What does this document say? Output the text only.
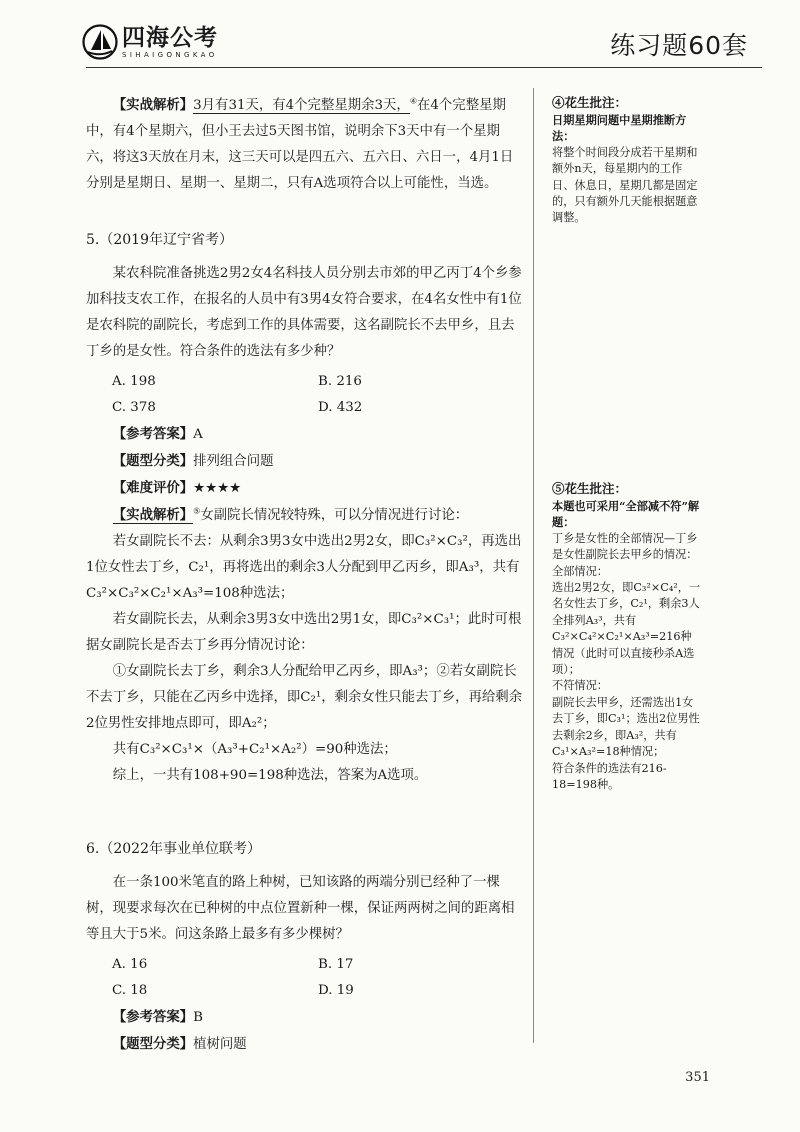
四海公考
SIHAIGONGKAO	练习题60套

【实战解析】3月有31天，有4个完整星期余3天，④在4个完整星期中，有4个星期六，但小王去过5天图书馆，说明余下3天中有一个星期六，将这3天放在月末，这三天可以是四五六、五六日、六日一，4月1日分别是星期日、星期一、星期二，只有A选项符合以上可能性，当选。

5.（2019年辽宁省考）

某农科院准备挑选2男2女4名科技人员分别去市郊的甲乙丙丁4个乡参加科技支农工作，在报名的人员中有3男4女符合要求，在4名女性中有1位是农科院的副院长，考虑到工作的具体需要，这名副院长不去甲乡，且去丁乡的是女性。符合条件的选法有多少种？

A. 198	B. 216
C. 378	D. 432

【参考答案】A

【题型分类】排列组合问题

【难度评价】★★★★

【实战解析】⑤女副院长情况较特殊，可以分情况进行讨论：

若女副院长不去：从剩余3男3女中选出2男2女，即C₃²×C₃²，再选出1位女性去丁乡，C₂¹，再将选出的剩余3人分配到甲乙丙乡，即A₃³，共有C₃²×C₃²×C₂¹×A₃³=108种选法；

若女副院长去，从剩余3男3女中选出2男1女，即C₃²×C₃¹；此时可根据女副院长是否去丁乡再分情况讨论：

①女副院长去丁乡，剩余3人分配给甲乙丙乡，即A₃³；②若女副院长不去丁乡，只能在乙丙乡中选择，即C₂¹，剩余女性只能去丁乡，再给剩余2位男性安排地点即可，即A₂²；

共有C₃²×C₃¹×（A₃³+C₂¹×A₂²）=90种选法；

综上，一共有108+90=198种选法，答案为A选项。

6.（2022年事业单位联考）

在一条100米笔直的路上种树，已知该路的两端分别已经种了一棵树，现要求每次在已种树的中点位置新种一棵，保证两两树之间的距离相等且大于5米。问这条路上最多有多少棵树？

A. 16	B. 17
C. 18	D. 19

【参考答案】B

【题型分类】植树问题

④花生批注：

日期星期问题中星期推断方法：

将整个时间段分成若干星期和额外n天，每星期内的工作日、休息日，星期几都是固定的，只有额外几天能根据题意调整。

⑤花生批注：

本题也可采用“全部减不符”解题：

丁乡是女性的全部情况—丁乡是女性副院长去甲乡的情况：

全部情况：

选出2男2女，即C₃²×C₄²，一名女性去丁乡，C₂¹，剩余3人全排列A₃³，共有C₃²×C₄²×C₂¹×A₃³=216种情况（此时可以直接秒杀A选项）；

不符情况：

副院长去甲乡，还需选出1女去丁乡，即C₃¹；选出2位男性去剩余2乡，即A₃²，共有C₃¹×A₃²=18种情况；

符合条件的选法有216-18=198种。

351
